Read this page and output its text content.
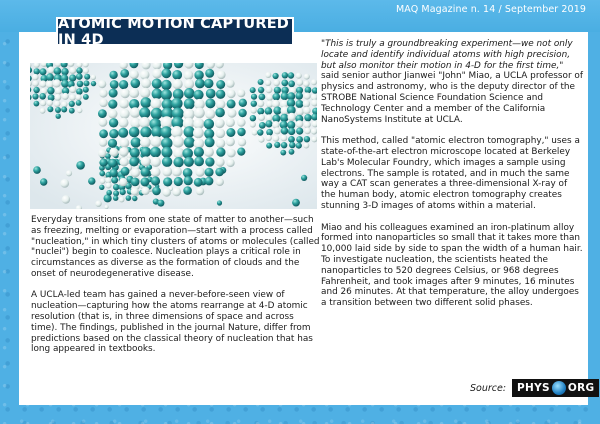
MAQ Magazine n. 14 / September 2019
ATOMIC MOTION CAPTURED IN 4D

Everyday transitions from one state of matter to another—such as freezing, melting or evaporation—start with a process called "nucleation," in which tiny clusters of atoms or molecules (called "nuclei") begin to coalesce. Nucleation plays a critical role in circumstances as diverse as the formation of clouds and the onset of neurodegenerative disease.

A UCLA-led team has gained a never-before-seen view of nucleation—capturing how the atoms rearrange at 4-D atomic resolution (that is, in three dimensions of space and across time). The findings, published in the journal Nature, differ from predictions based on the classical theory of nucleation that has long appeared in textbooks.

"This is truly a groundbreaking experiment—we not only locate and identify individual atoms with high precision, but also monitor their motion in 4-D for the first time," said senior author Jianwei "John" Miao, a UCLA professor of physics and astronomy, who is the deputy director of the STROBE National Science Foundation Science and Technology Center and a member of the California NanoSystems Institute at UCLA.

This method, called "atomic electron tomography," uses a state-of-the-art electron microscope located at Berkeley Lab's Molecular Foundry, which images a sample using electrons. The sample is rotated, and in much the same way a CAT scan generates a three-dimensional X-ray of the human body, atomic electron tomography creates stunning 3-D images of atoms within a material.

Miao and his colleagues examined an iron-platinum alloy formed into nanoparticles so small that it takes more than 10,000 laid side by side to span the width of a human hair. To investigate nucleation, the scientists heated the nanoparticles to 520 degrees Celsius, or 968 degrees Fahrenheit, and took images after 9 minutes, 16 minutes and 26 minutes. At that temperature, the alloy undergoes a transition between two different solid phases.

Source: PHYS ORG
